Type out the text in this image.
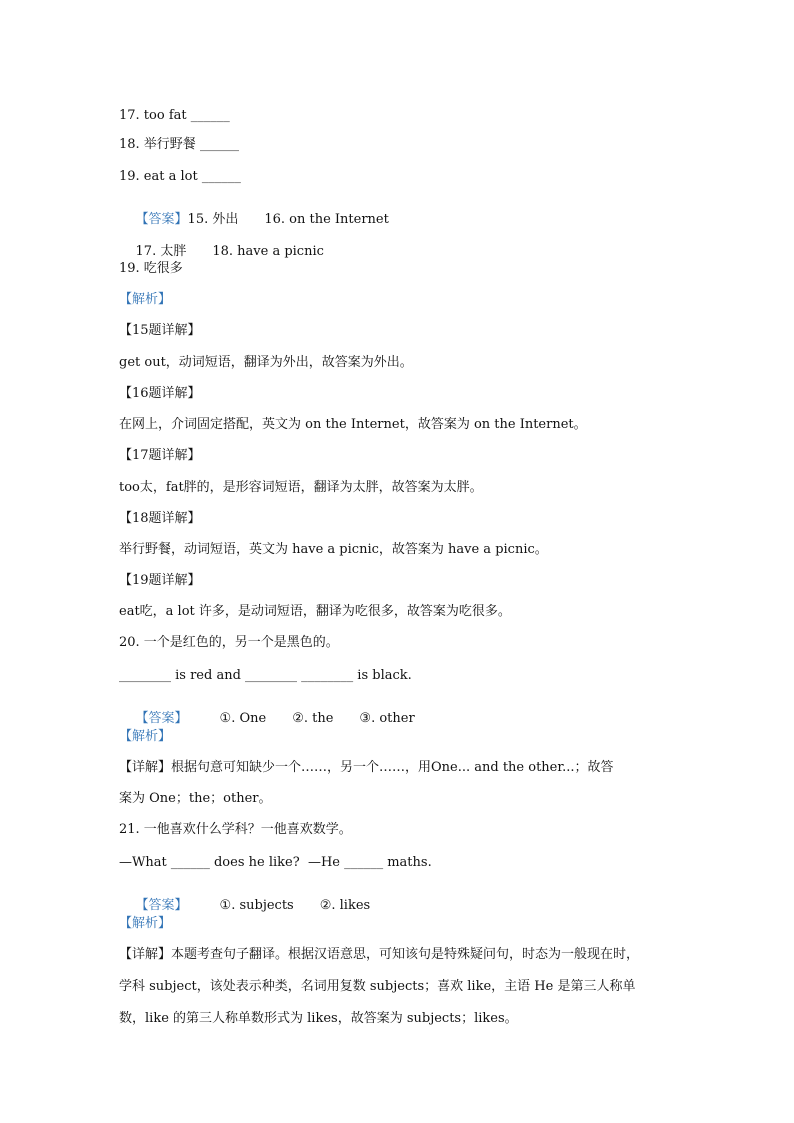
17. too fat ______
18. 举行野餐 ______
19. eat a lot ______

【答案】15. 外出 16. on the Internet

17. 太胖 18. have a picnic

19. 吃很多
【解析】
【15题详解】
get out，动词短语，翻译为外出，故答案为外出。
【16题详解】
在网上，介词固定搭配，英文为 on the Internet，故答案为 on the Internet。
【17题详解】
too太，fat胖的，是形容词短语，翻译为太胖，故答案为太胖。
【18题详解】
举行野餐，动词短语，英文为 have a picnic，故答案为 have a picnic。
【19题详解】
eat吃，a lot 许多，是动词短语，翻译为吃很多，故答案为吃很多。
20. 一个是红色的，另一个是黑色的。
________ is red and ________ ________ is black.

【答案】 ①. One ②. the ③. other

【解析】
【详解】根据句意可知缺少一个……，另一个……，用One... and the other...；故答
案为 One；the；other。
21. 一他喜欢什么学科？一他喜欢数学。
—What ______ does he like?  —He ______ maths.

【答案】 ①. subjects ②. likes

【解析】
【详解】本题考查句子翻译。根据汉语意思，可知该句是特殊疑问句，时态为一般现在时，
学科 subject，该处表示种类，名词用复数 subjects；喜欢 like，主语 He 是第三人称单
数，like 的第三人称单数形式为 likes，故答案为 subjects；likes。
